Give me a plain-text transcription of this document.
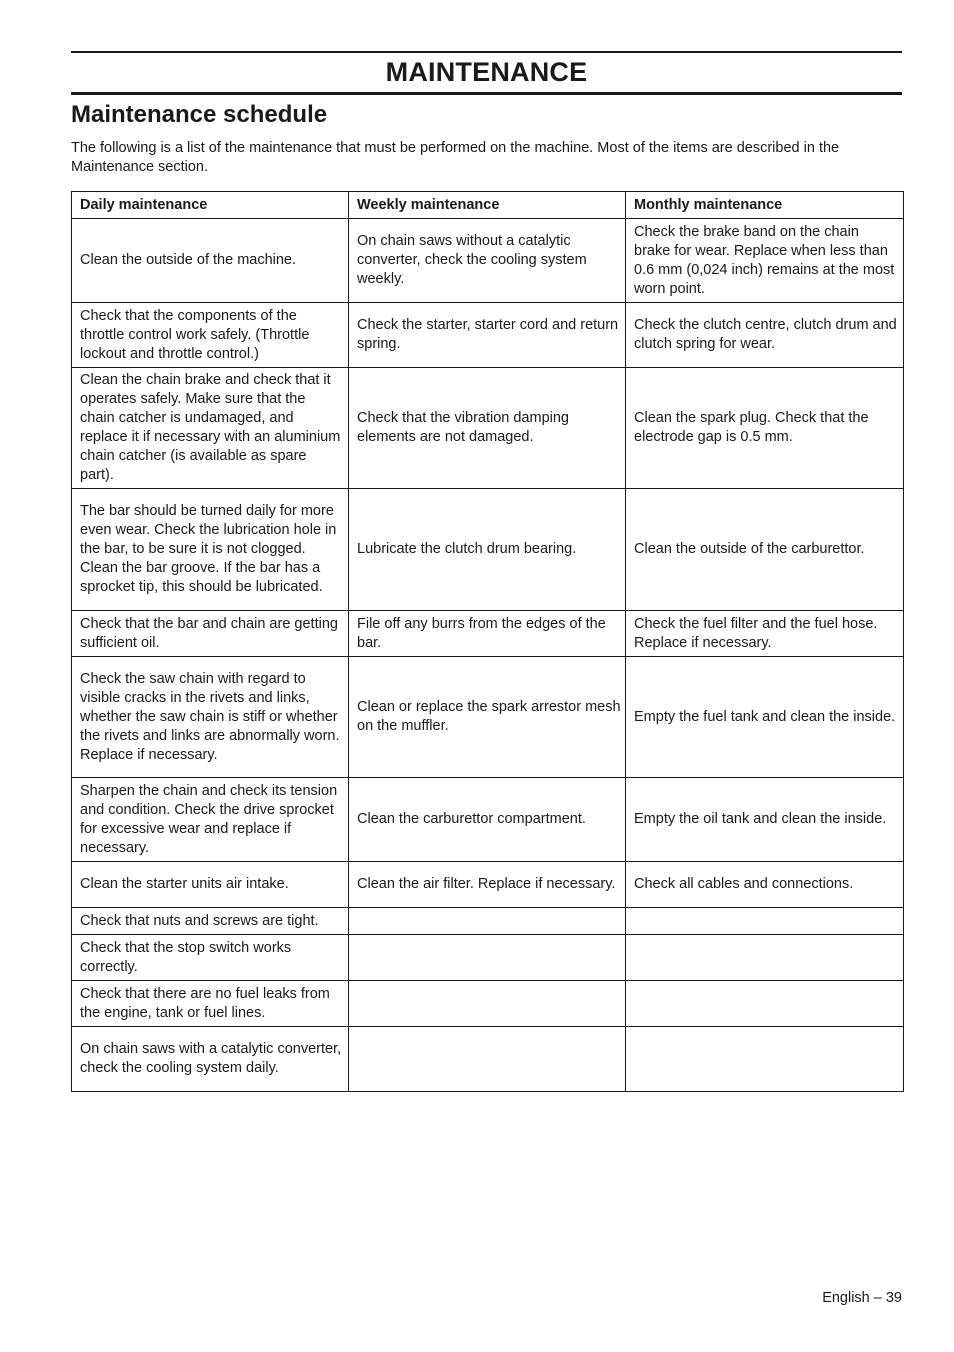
MAINTENANCE
Maintenance schedule

The following is a list of the maintenance that must be performed on the machine. Most of the items are described in the Maintenance section.

Daily maintenance	Weekly maintenance	Monthly maintenance
Clean the outside of the machine.	On chain saws without a catalytic converter, check the cooling system weekly.	Check the brake band on the chain brake for wear. Replace when less than 0.6 mm (0,024 inch) remains at the most worn point.
Check that the components of the throttle control work safely. (Throttle lockout and throttle control.)	Check the starter, starter cord and return spring.	Check the clutch centre, clutch drum and clutch spring for wear.
Clean the chain brake and check that it operates safely. Make sure that the chain catcher is undamaged, and replace it if necessary with an aluminium chain catcher (is available as spare part).	Check that the vibration damping elements are not damaged.	Clean the spark plug. Check that the electrode gap is 0.5 mm.
The bar should be turned daily for more even wear. Check the lubrication hole in the bar, to be sure it is not clogged. Clean the bar groove. If the bar has a sprocket tip, this should be lubricated.	Lubricate the clutch drum bearing.	Clean the outside of the carburettor.
Check that the bar and chain are getting sufficient oil.	File off any burrs from the edges of the bar.	Check the fuel filter and the fuel hose. Replace if necessary.
Check the saw chain with regard to visible cracks in the rivets and links, whether the saw chain is stiff or whether the rivets and links are abnormally worn. Replace if necessary.	Clean or replace the spark arrestor mesh on the muffler.	Empty the fuel tank and clean the inside.
Sharpen the chain and check its tension and condition. Check the drive sprocket for excessive wear and replace if necessary.	Clean the carburettor compartment.	Empty the oil tank and clean the inside.
Clean the starter units air intake.	Clean the air filter. Replace if necessary.	Check all cables and connections.
Check that nuts and screws are tight.		
Check that the stop switch works correctly.		
Check that there are no fuel leaks from the engine, tank or fuel lines.		
On chain saws with a catalytic converter, check the cooling system daily.		
English – 39
